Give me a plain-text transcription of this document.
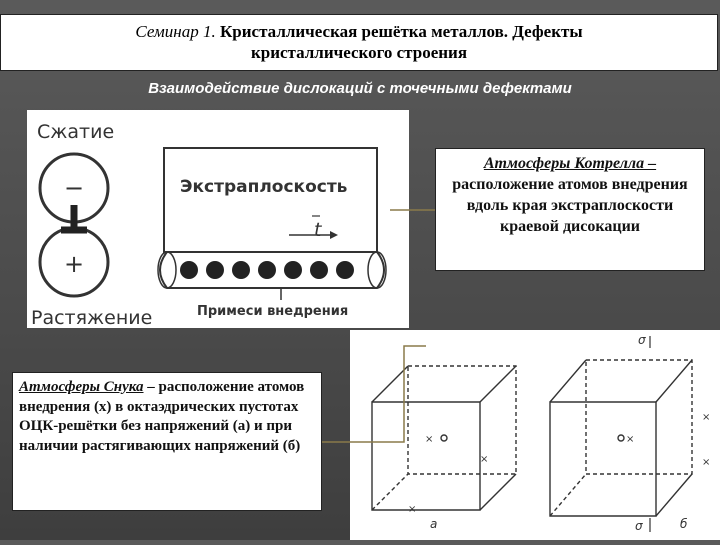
Семинар 1. Кристаллическая решётка металлов. Дефекты
кристаллического строения
Взаимодействие дислокаций с точечными дефектами
Сжатие
−
+
Растяжение
Экстраплоскость
t
Примеси внедрения
×
×
×
а
×
×
×
σ
σ	б
Атмосферы Котрелла –
расположение атомов внедрения вдоль края экстраплоскости краевой дисокации
Атмосферы Снука – расположение атомов внедрения (x) в октаэдрических пустотах ОЦК-решётки без напряжений (а) и при наличии растягивающих напряжений (б)
